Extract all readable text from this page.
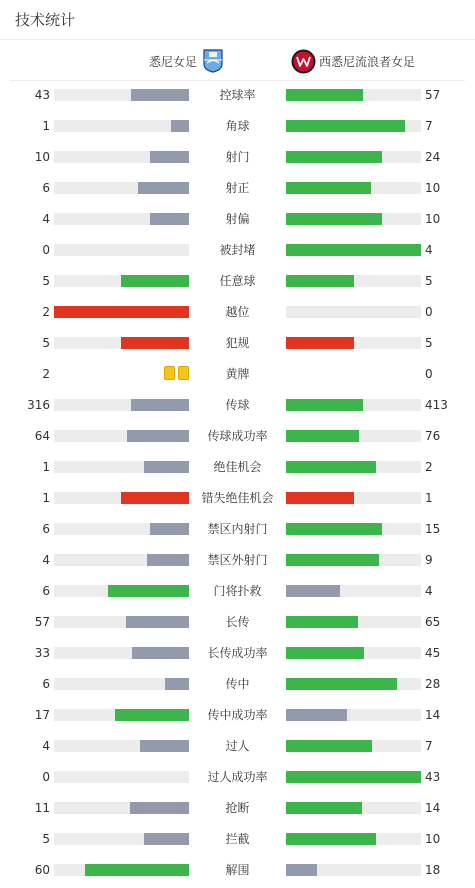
技术统计
悉尼女足	西悉尼流浪者女足
43	控球率	57
1	角球	7
10	射门	24
6	射正	10
4	射偏	10
0	被封堵	4
5	任意球	5
2	越位	0
5	犯规	5
2	黄牌	0
316	传球	413
64	传球成功率	76
1	绝佳机会	2
1	错失绝佳机会	1
6	禁区内射门	15
4	禁区外射门	9
6	门将扑救	4
57	长传	65
33	长传成功率	45
6	传中	28
17	传中成功率	14
4	过人	7
0	过人成功率	43
11	抢断	14
5	拦截	10
60	解围	18
